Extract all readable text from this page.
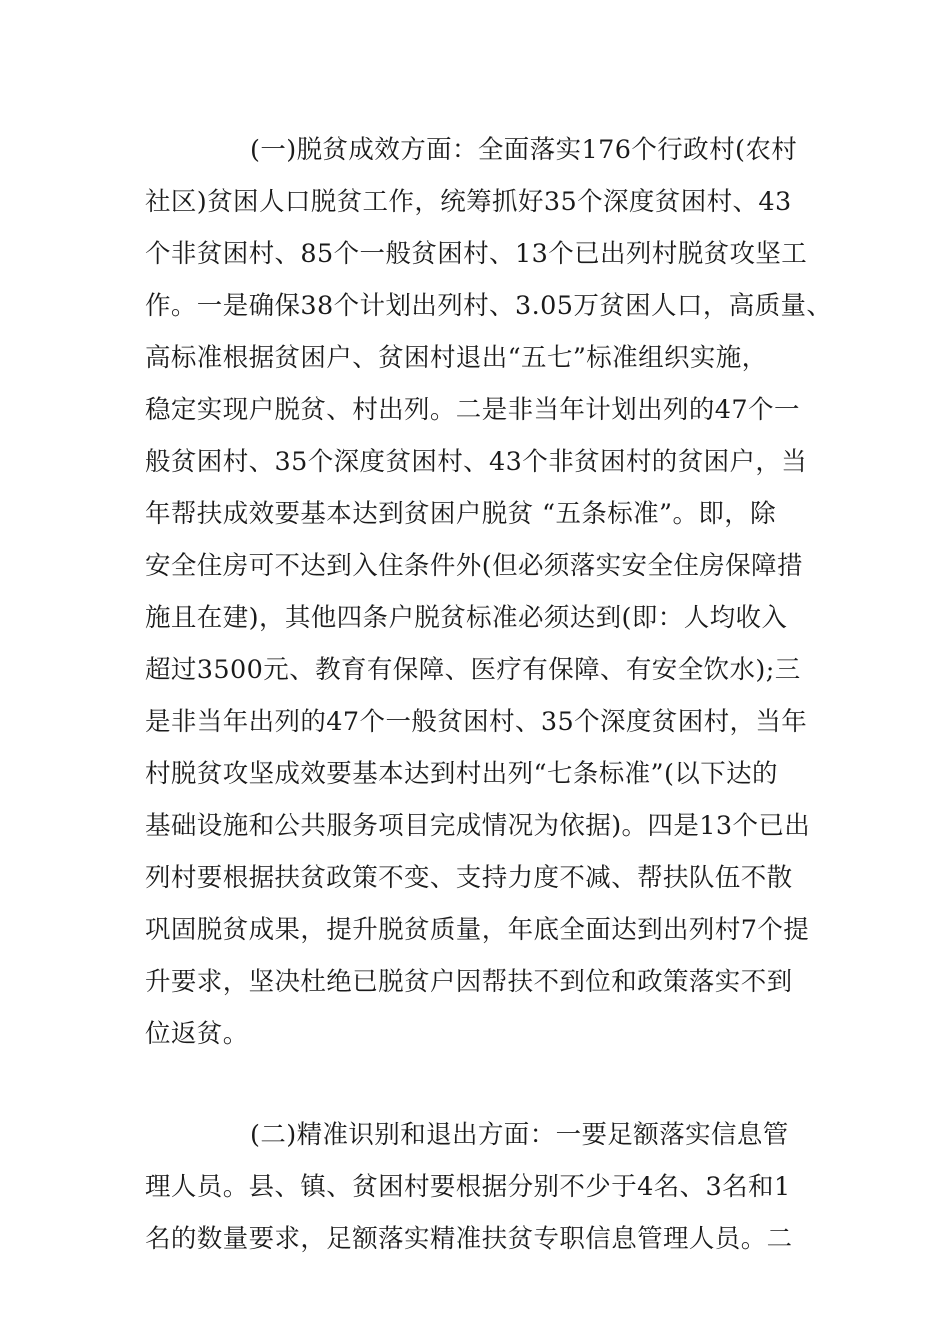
(一)脱贫成效方面：全面落实176个行政村(农村
社区)贫困人口脱贫工作，统筹抓好35个深度贫困村、43
个非贫困村、85个一般贫困村、13个已出列村脱贫攻坚工
作。一是确保38个计划出列村、3.05万贫困人口，高质量、
高标准根据贫困户、贫困村退出“五七”标准组织实施，
稳定实现户脱贫、村出列。二是非当年计划出列的47个一
般贫困村、35个深度贫困村、43个非贫困村的贫困户，当
年帮扶成效要基本达到贫困户脱贫 “五条标准”。即，除
安全住房可不达到入住条件外(但必须落实安全住房保障措
施且在建)，其他四条户脱贫标准必须达到(即：人均收入
超过3500元、教育有保障、医疗有保障、有安全饮水);三
是非当年出列的47个一般贫困村、35个深度贫困村，当年
村脱贫攻坚成效要基本达到村出列“七条标准”(以下达的
基础设施和公共服务项目完成情况为依据)。四是13个已出
列村要根据扶贫政策不变、支持力度不减、帮扶队伍不散
巩固脱贫成果，提升脱贫质量，年底全面达到出列村7个提
升要求，坚决杜绝已脱贫户因帮扶不到位和政策落实不到
位返贫。
(二)精准识别和退出方面：一要足额落实信息管
理人员。县、镇、贫困村要根据分别不少于4名、3名和1
名的数量要求，足额落实精准扶贫专职信息管理人员。二
